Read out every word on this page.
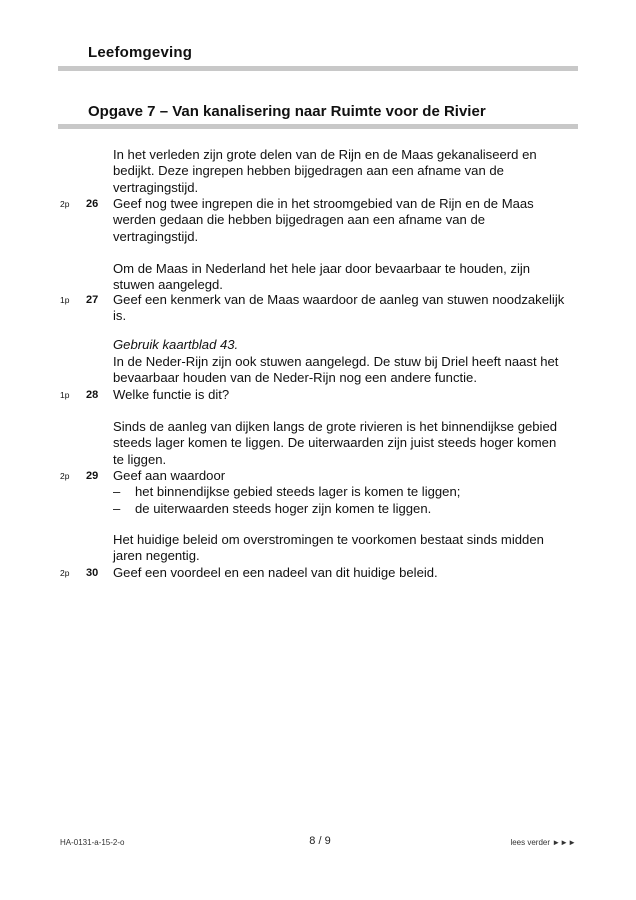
Leefomgeving
Opgave 7 – Van kanalisering naar Ruimte voor de Rivier
In het verleden zijn grote delen van de Rijn en de Maas gekanaliseerd en bedijkt. Deze ingrepen hebben bijgedragen aan een afname van de vertragingstijd.
2p 26 Geef nog twee ingrepen die in het stroomgebied van de Rijn en de Maas werden gedaan die hebben bijgedragen aan een afname van de vertragingstijd.
Om de Maas in Nederland het hele jaar door bevaarbaar te houden, zijn stuwen aangelegd.
1p 27 Geef een kenmerk van de Maas waardoor de aanleg van stuwen noodzakelijk is.
Gebruik kaartblad 43.
In de Neder-Rijn zijn ook stuwen aangelegd. De stuw bij Driel heeft naast het bevaarbaar houden van de Neder-Rijn nog een andere functie.
1p 28 Welke functie is dit?
Sinds de aanleg van dijken langs de grote rivieren is het binnendijkse gebied steeds lager komen te liggen. De uiterwaarden zijn juist steeds hoger komen te liggen.
2p 29 Geef aan waardoor
–	het binnendijkse gebied steeds lager is komen te liggen;
–	de uiterwaarden steeds hoger zijn komen te liggen.
Het huidige beleid om overstromingen te voorkomen bestaat sinds midden jaren negentig.
2p 30 Geef een voordeel en een nadeel van dit huidige beleid.
HA-0131-a-15-2-o	8 / 9	lees verder ►►►
